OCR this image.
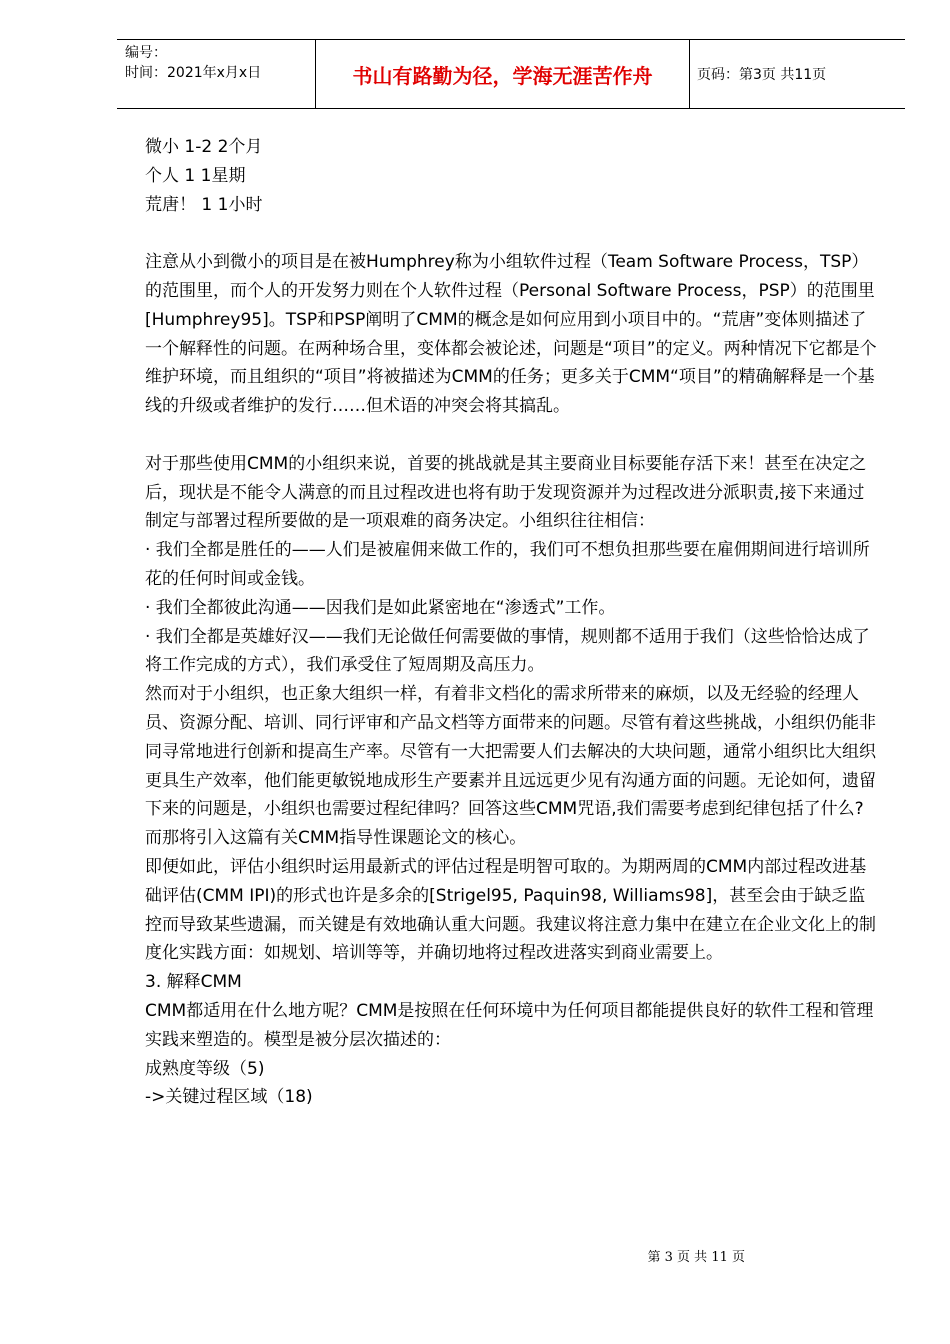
编号：
时间：2021年x月x日	书山有路勤为径，学海无涯苦作舟	页码：第3页 共11页

微小 1-2 2个月

个人 1 1星期

荒唐！ 1 1小时

注意从小到微小的项目是在被Humphrey称为小组软件过程（Team Software Process，TSP）的范围里，而个人的开发努力则在个人软件过程（Personal Software Process，PSP）的范围里[Humphrey95]。TSP和PSP阐明了CMM的概念是如何应用到小项目中的。“荒唐”变体则描述了一个解释性的问题。在两种场合里，变体都会被论述，问题是“项目”的定义。两种情况下它都是个维护环境，而且组织的“项目”将被描述为CMM的任务；更多关于CMM“项目”的精确解释是一个基线的升级或者维护的发行……但术语的冲突会将其搞乱。

对于那些使用CMM的小组织来说，首要的挑战就是其主要商业目标要能存活下来！甚至在决定之后，现状是不能令人满意的而且过程改进也将有助于发现资源并为过程改进分派职责,接下来通过制定与部署过程所要做的是一项艰难的商务决定。小组织往往相信：

· 我们全都是胜任的——人们是被雇佣来做工作的，我们可不想负担那些要在雇佣期间进行培训所花的任何时间或金钱。

· 我们全都彼此沟通——因我们是如此紧密地在“渗透式”工作。

· 我们全都是英雄好汉——我们无论做任何需要做的事情，规则都不适用于我们（这些恰恰达成了将工作完成的方式），我们承受住了短周期及高压力。

然而对于小组织，也正象大组织一样，有着非文档化的需求所带来的麻烦，以及无经验的经理人员、资源分配、培训、同行评审和产品文档等方面带来的问题。尽管有着这些挑战，小组织仍能非同寻常地进行创新和提高生产率。尽管有一大把需要人们去解决的大块问题，通常小组织比大组织更具生产效率，他们能更敏锐地成形生产要素并且远远更少见有沟通方面的问题。无论如何，遗留下来的问题是，小组织也需要过程纪律吗？回答这些CMM咒语,我们需要考虑到纪律包括了什么? 而那将引入这篇有关CMM指导性课题论文的核心。

即便如此，评估小组织时运用最新式的评估过程是明智可取的。为期两周的CMM内部过程改进基础评估(CMM IPI)的形式也许是多余的[Strigel95, Paquin98, Williams98]，甚至会由于缺乏监控而导致某些遗漏，而关键是有效地确认重大问题。我建议将注意力集中在建立在企业文化上的制度化实践方面：如规划、培训等等，并确切地将过程改进落实到商业需要上。

3. 解释CMM

CMM都适用在什么地方呢？CMM是按照在任何环境中为任何项目都能提供良好的软件工程和管理实践来塑造的。模型是被分层次描述的：

成熟度等级（5)

->关键过程区域（18)

第 3 页 共 11 页
